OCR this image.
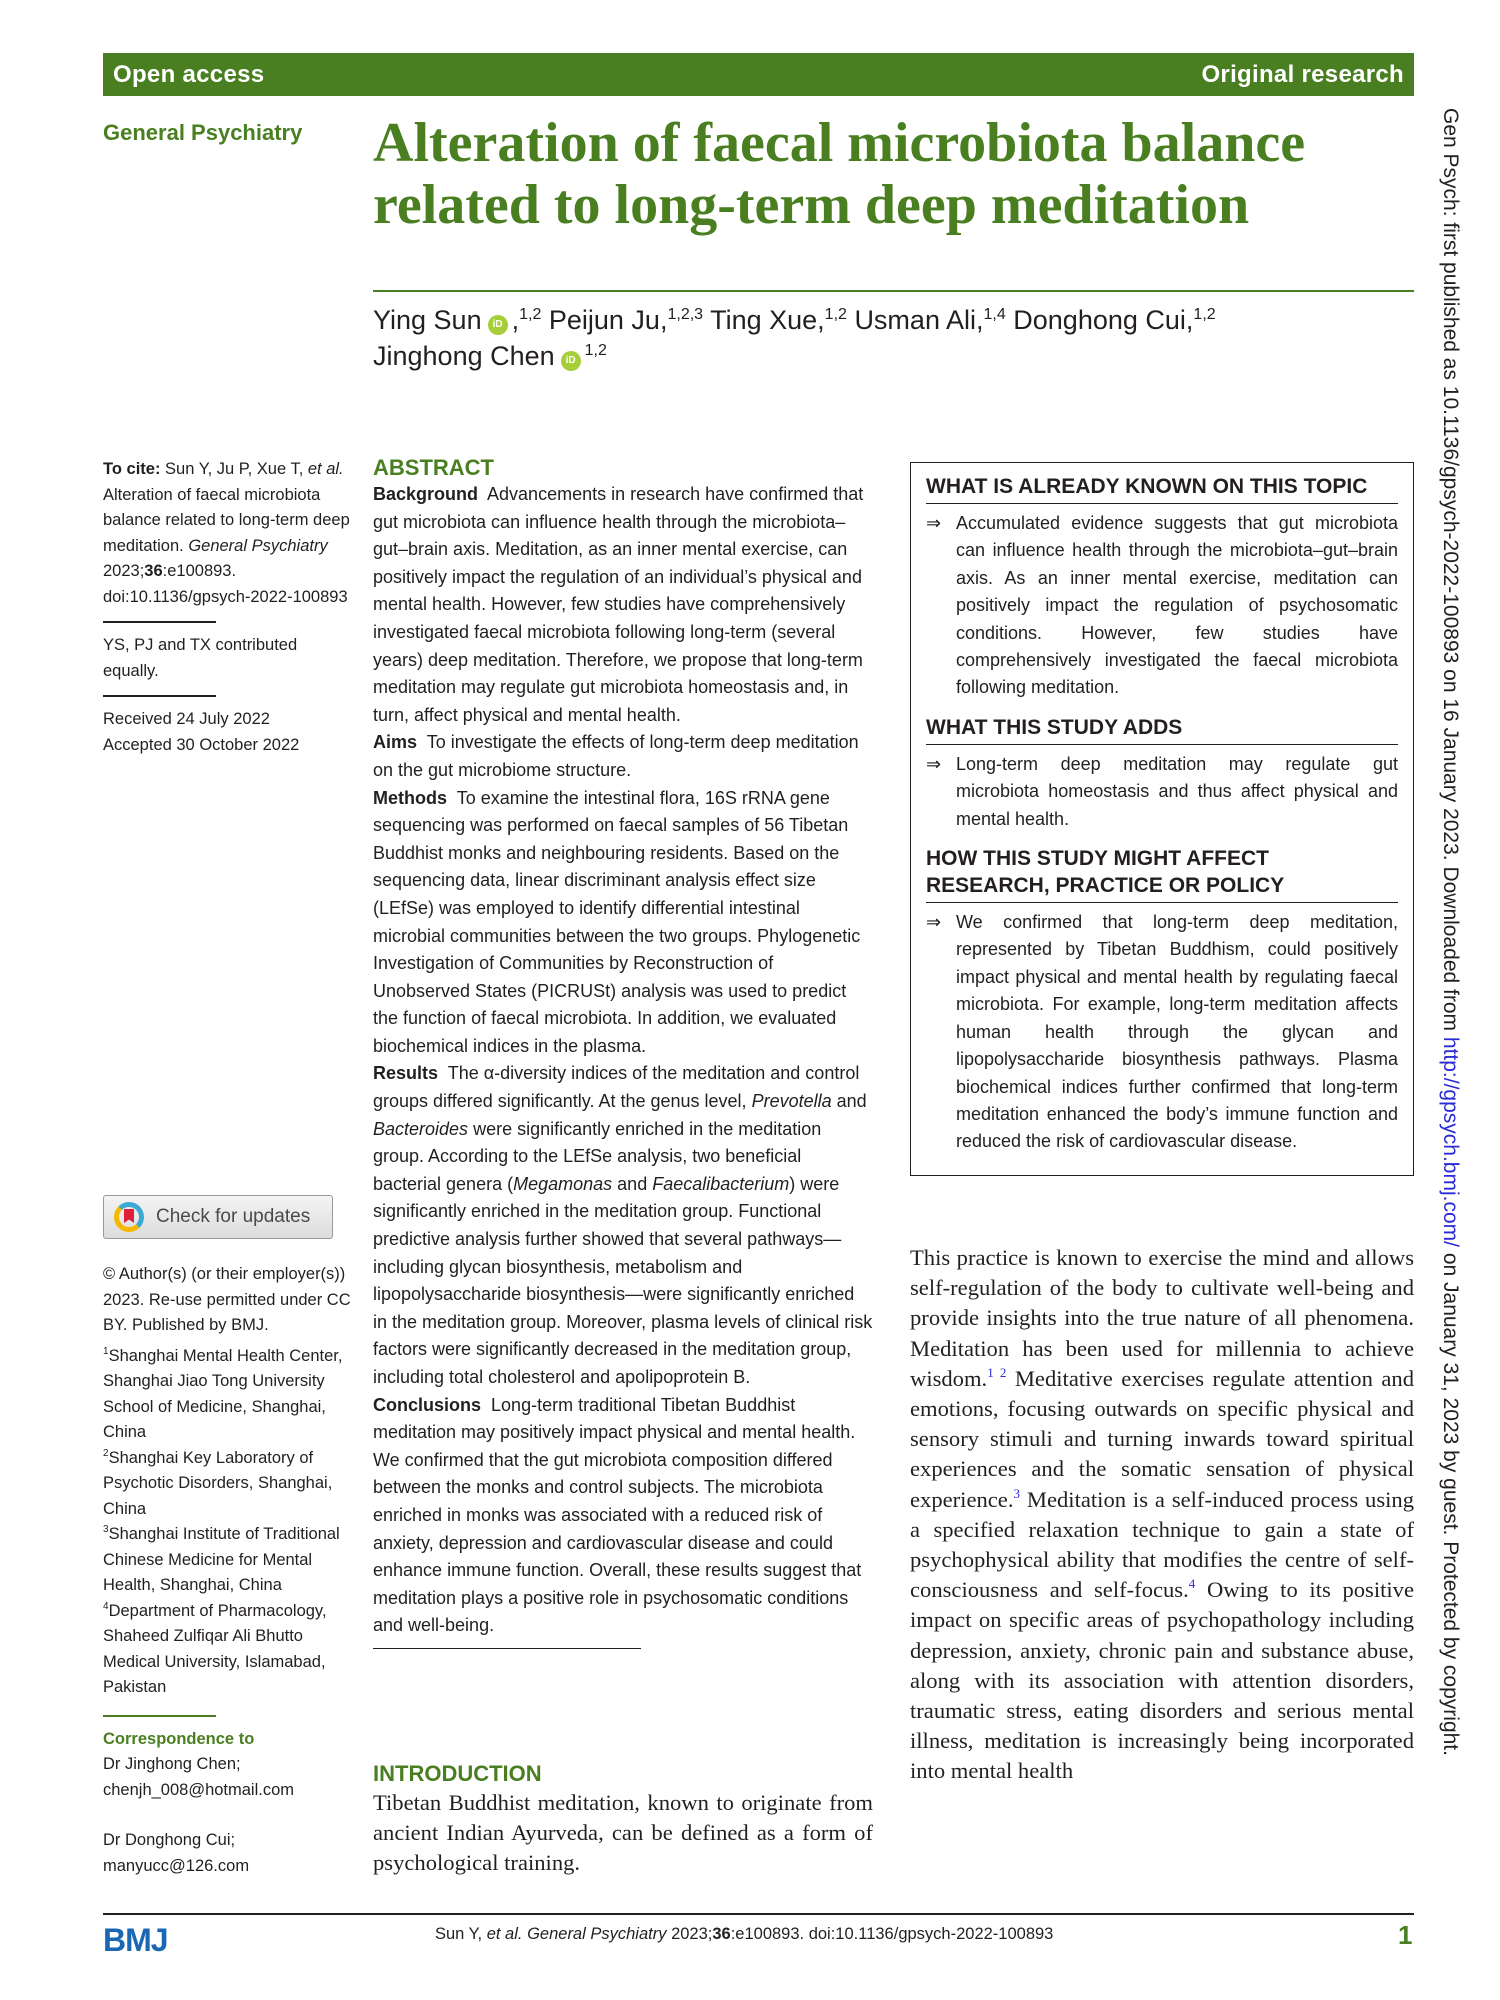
Open access	Original research
General Psychiatry Alteration of faecal microbiota balance related to long-term deep meditation
Ying Sun iD ,$^{1,2}$ Peijun Ju,$^{1,2,3}$ Ting Xue,$^{1,2}$ Usman Ali,$^{1,4}$ Donghong Cui,$^{1,2}$
Jinghong Chen iD$^{1,2}$
To cite: Sun Y, Ju P, Xue T, et al. Alteration of faecal microbiota balance related to long-term deep meditation. General Psychiatry 2023;36:e100893. doi:10.1136/gpsych-2022-100893
YS, PJ and TX contributed equally.
Received 24 July 2022
Accepted 30 October 2022
Check for updates
© Author(s) (or their employer(s)) 2023. Re-use permitted under CC BY. Published by BMJ.
$^1$Shanghai Mental Health Center, Shanghai Jiao Tong University School of Medicine, Shanghai, China
$^2$Shanghai Key Laboratory of Psychotic Disorders, Shanghai, China
$^3$Shanghai Institute of Traditional Chinese Medicine for Mental Health, Shanghai, China
$^4$Department of Pharmacology, Shaheed Zulfiqar Ali Bhutto Medical University, Islamabad, Pakistan
Correspondence to
Dr Jinghong Chen;
chenjh_008@hotmail.com
Dr Donghong Cui;
manyucc@126.com
ABSTRACT
Background Advancements in research have confirmed that gut microbiota can influence health through the microbiota–gut–brain axis. Meditation, as an inner mental exercise, can positively impact the regulation of an individual’s physical and mental health. However, few studies have comprehensively investigated faecal microbiota following long-term (several years) deep meditation. Therefore, we propose that long-term meditation may regulate gut microbiota homeostasis and, in turn, affect physical and mental health.
Aims To investigate the effects of long-term deep meditation on the gut microbiome structure.
Methods To examine the intestinal flora, 16S rRNA gene sequencing was performed on faecal samples of 56 Tibetan Buddhist monks and neighbouring residents. Based on the sequencing data, linear discriminant analysis effect size (LEfSe) was employed to identify differential intestinal microbial communities between the two groups. Phylogenetic Investigation of Communities by Reconstruction of Unobserved States (PICRUSt) analysis was used to predict the function of faecal microbiota. In addition, we evaluated biochemical indices in the plasma.
Results The α-diversity indices of the meditation and control groups differed significantly. At the genus level, Prevotella and Bacteroides were significantly enriched in the meditation group. According to the LEfSe analysis, two beneficial bacterial genera (Megamonas and Faecalibacterium) were significantly enriched in the meditation group. Functional predictive analysis further showed that several pathways—including glycan biosynthesis, metabolism and lipopolysaccharide biosynthesis—were significantly enriched in the meditation group. Moreover, plasma levels of clinical risk factors were significantly decreased in the meditation group, including total cholesterol and apolipoprotein B.
Conclusions Long-term traditional Tibetan Buddhist meditation may positively impact physical and mental health. We confirmed that the gut microbiota composition differed between the monks and control subjects. The microbiota enriched in monks was associated with a reduced risk of anxiety, depression and cardiovascular disease and could enhance immune function. Overall, these results suggest that meditation plays a positive role in psychosomatic conditions and well-being.
INTRODUCTION

Tibetan Buddhist meditation, known to originate from ancient Indian Ayurveda, can be defined as a form of psychological training.

WHAT IS ALREADY KNOWN ON THIS TOPIC
⇒ Accumulated evidence suggests that gut microbiota can influence health through the microbiota–gut–brain axis. As an inner mental exercise, meditation can positively impact the regulation of psychosomatic conditions. However, few studies have comprehensively investigated the faecal microbiota following meditation.
WHAT THIS STUDY ADDS
⇒ Long-term deep meditation may regulate gut microbiota homeostasis and thus affect physical and mental health.
HOW THIS STUDY MIGHT AFFECT RESEARCH, PRACTICE OR POLICY
⇒ We confirmed that long-term deep meditation, represented by Tibetan Buddhism, could positively impact physical and mental health by regulating faecal microbiota. For example, long-term meditation affects human health through the glycan and lipopolysaccharide biosynthesis pathways. Plasma biochemical indices further confirmed that long-term meditation enhanced the body’s immune function and reduced the risk of cardiovascular disease.

This practice is known to exercise the mind and allows self-regulation of the body to cultivate well-being and provide insights into the true nature of all phenomena. Meditation has been used for millennia to achieve wisdom.$^{1 2}$ Meditative exercises regulate attention and emotions, focusing outwards on specific physical and sensory stimuli and turning inwards toward spiritual experiences and the somatic sensation of physical experience.$^3$ Meditation is a self-induced process using a specified relaxation technique to gain a state of psychophysical ability that modifies the centre of self-consciousness and self-focus.$^4$ Owing to its positive impact on specific areas of psychopathology including depression, anxiety, chronic pain and substance abuse, along with its association with attention disorders, traumatic stress, eating disorders and serious mental illness, meditation is increasingly being incorporated into mental health

BMJ	Sun Y, et al. General Psychiatry 2023;36:e100893. doi:10.1136/gpsych-2022-100893	1
Gen Psych: first published as 10.1136/gpsych-2022-100893 on 16 January 2023. Downloaded from http://gpsych.bmj.com/ on January 31, 2023 by guest. Protected by copyright.
